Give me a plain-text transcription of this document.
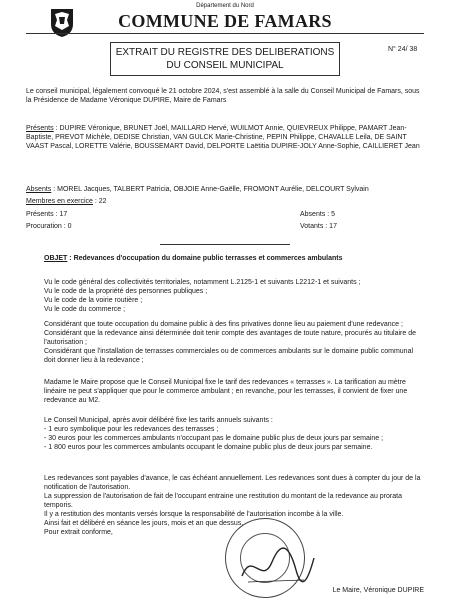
Département du Nord
COMMUNE DE FAMARS
EXTRAIT DU REGISTRE DES DELIBERATIONS
DU CONSEIL MUNICIPAL
N° 24/ 38
Le conseil municipal, légalement convoqué le 21 octobre 2024, s'est assemblé à la salle du Conseil Municipal de Famars, sous la Présidence de Madame Véronique DUPIRE, Maire de Famars
Présents : DUPIRE Véronique, BRUNET Joël, MAILLARD Hervé, WUILMOT Annie, QUIEVREUX Philippe, PAMART Jean-Baptiste, PREVOT Michèle, DEDISE Christian, VAN GULCK Marie-Christine, PEPIN Philippe, CHAVALLE Leila, DE SAINT VAAST Pascal, LORETTE Valérie, BOUSSEMART David, DELPORTE Laëtitia DUPIRE-JOLY Anne-Sophie, CAILLIERET Jean
Absents : MOREL Jacques, TALBERT Patricia, OBJOIE Anne-Gaëlle, FROMONT Aurélie, DELCOURT Sylvain
Membres en exercice : 22
Présents : 17	Absents : 5
Procuration : 0	Votants : 17
OBJET : Redevances d'occupation du domaine public terrasses et commerces ambulants

Vu le code général des collectivités territoriales, notamment L.2125-1 et suivants L2212-1 et suivants ;

Vu le code de la propriété des personnes publiques ;

Vu le code de la voirie routière ;

Vu le code du commerce ;

Considérant que toute occupation du domaine public à des fins privatives donne lieu au paiement d'une redevance ;

Considérant que la redevance ainsi déterminée doit tenir compte des avantages de toute nature, procurés au titulaire de l'autorisation ;

Considérant que l'installation de terrasses commerciales ou de commerces ambulants sur le domaine public communal doit donner lieu à la redevance ;

Madame le Maire propose que le Conseil Municipal fixe le tarif des redevances « terrasses ». La tarification au mètre linéaire ne peut s'appliquer que pour le commerce ambulant ; en revanche, pour les terrasses, il convient de fixer une redevance au M2.

Le Conseil Municipal, après avoir délibéré fixe les tarifs annuels suivants :

- 1 euro symbolique pour les redevances des terrasses ;

- 30 euros pour les commerces ambulants n'occupant pas le domaine public plus de deux jours par semaine ;

- 1 800 euros pour les commerces ambulants occupant le domaine public plus de deux jours par semaine.

Les redevances sont payables d'avance, le cas échéant annuellement. Les redevances sont dues à compter du jour de la notification de l'autorisation.

La suppression de l'autorisation de fait de l'occupant entraine une restitution du montant de la redevance au prorata temporis.

Il y a restitution des montants versés lorsque la responsabilité de l'autorisation incombe à la ville.

Ainsi fait et délibéré en séance les jours, mois et an que dessus.

Pour extrait conforme,

Le Maire, Véronique DUPIRE
